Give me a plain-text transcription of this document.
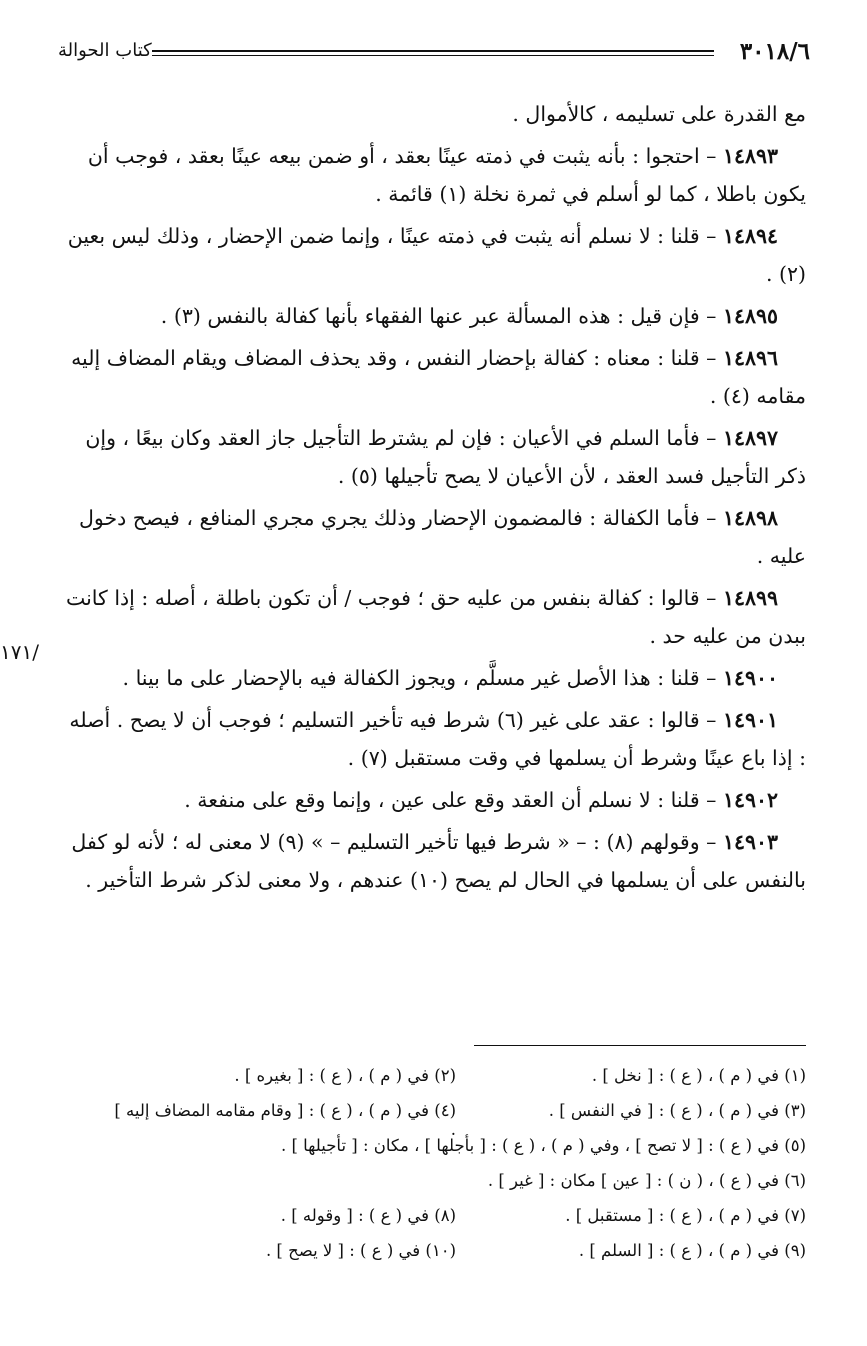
٣٠١٨/٦
كتاب الحوالة
١٧١/

مع القدرة على تسليمه ، كالأموال .

١٤٨٩٣ – احتجوا : بأنه يثبت في ذمته عينًا بعقد ، أو ضمن بيعه عينًا بعقد ، فوجب أن يكون باطلا ، كما لو أسلم في ثمرة نخلة (١) قائمة .

١٤٨٩٤ – قلنا : لا نسلم أنه يثبت في ذمته عينًا ، وإنما ضمن الإحضار ، وذلك ليس بعين (٢) .

١٤٨٩٥ – فإن قيل : هذه المسألة عبر عنها الفقهاء بأنها كفالة بالنفس (٣) .

١٤٨٩٦ – قلنا : معناه : كفالة بإحضار النفس ، وقد يحذف المضاف ويقام المضاف إليه مقامه (٤) .

١٤٨٩٧ – فأما السلم في الأعيان : فإن لم يشترط التأجيل جاز العقد وكان بيعًا ، وإن ذكر التأجيل فسد العقد ، لأن الأعيان لا يصح تأجيلها (٥) .

١٤٨٩٨ – فأما الكفالة : فالمضمون الإحضار وذلك يجري مجري المنافع ، فيصح دخول عليه .

١٤٨٩٩ – قالوا : كفالة بنفس من عليه حق ؛ فوجب / أن تكون باطلة ، أصله : إذا كانت ببدن من عليه حد .

١٤٩٠٠ – قلنا : هذا الأصل غير مسلَّم ، ويجوز الكفالة فيه بالإحضار على ما بينا .

١٤٩٠١ – قالوا : عقد على غير (٦) شرط فيه تأخير التسليم ؛ فوجب أن لا يصح . أصله : إذا باع عينًا وشرط أن يسلمها في وقت مستقبل (٧) .

١٤٩٠٢ – قلنا : لا نسلم أن العقد وقع على عين ، وإنما وقع على منفعة .

١٤٩٠٣ – وقولهم (٨) : – « شرط فيها تأخير التسليم – » (٩) لا معنى له ؛ لأنه لو كفل بالنفس على أن يسلمها في الحال لم يصح (١٠) عندهم ، ولا معنى لذكر شرط التأخير .

(١) في ( م ) ، ( ع ) : [ نخل ] .(٢) في ( م ) ، ( ع ) : [ بغيره ] .
(٣) في ( م ) ، ( ع ) : [ في النفس ] .(٤) في ( م ) ، ( ع ) : [ وقام مقامه المضاف إليه ] .
(٥) في ( ع ) : [ لا تصح ] ، وفي ( م ) ، ( ع ) : [ بأجلها ] ، مكان : [ تأجيلها ] .
(٦) في ( ع ) ، ( ن ) : [ عين ] مكان : [ غير ] .
(٧) في ( م ) ، ( ع ) : [ مستقبل ] .(٨) في ( ع ) : [ وقوله ] .
(٩) في ( م ) ، ( ع ) : [ السلم ] .(١٠) في ( ع ) : [ لا يصح ] .
